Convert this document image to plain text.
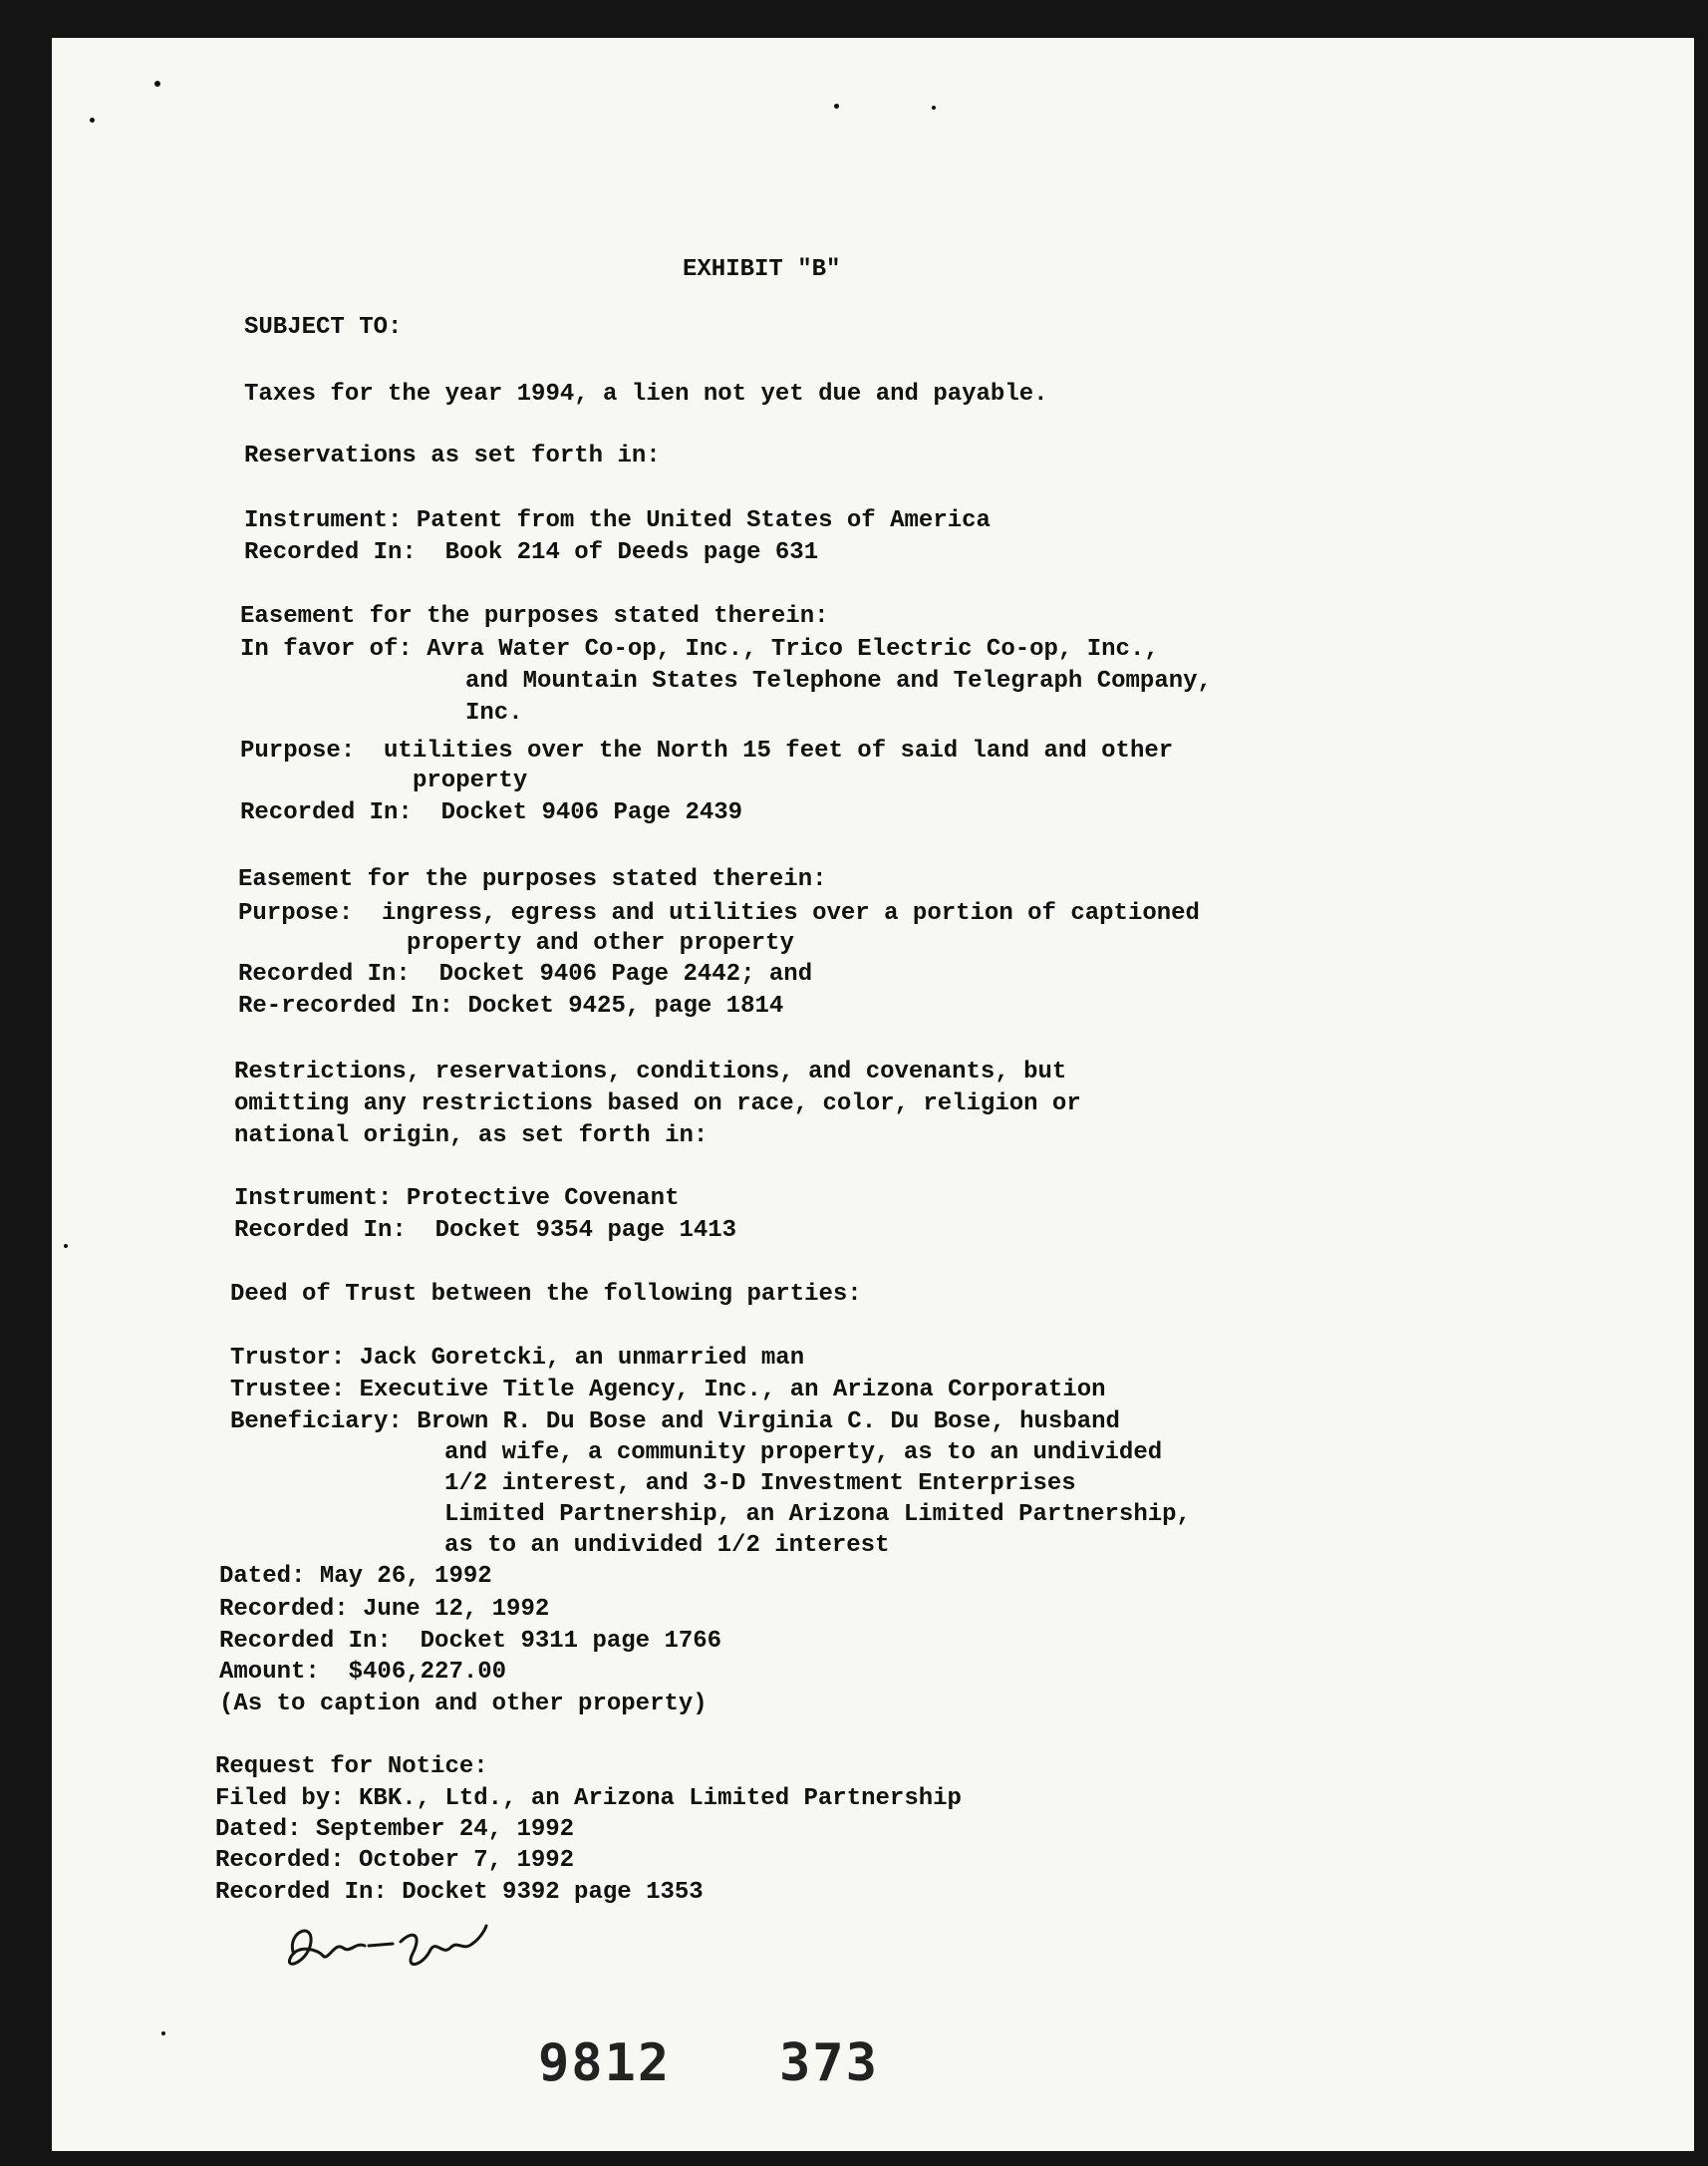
EXHIBIT "B"
SUBJECT TO:
Taxes for the year 1994, a lien not yet due and payable.
Reservations as set forth in:
Instrument: Patent from the United States of America
Recorded In:  Book 214 of Deeds page 631
Easement for the purposes stated therein:
In favor of: Avra Water Co-op, Inc., Trico Electric Co-op, Inc.,
and Mountain States Telephone and Telegraph Company,
Inc.
Purpose:  utilities over the North 15 feet of said land and other
property
Recorded In:  Docket 9406 Page 2439
Easement for the purposes stated therein:
Purpose:  ingress, egress and utilities over a portion of captioned
property and other property
Recorded In:  Docket 9406 Page 2442; and
Re-recorded In: Docket 9425, page 1814
Restrictions, reservations, conditions, and covenants, but
omitting any restrictions based on race, color, religion or
national origin, as set forth in:
Instrument: Protective Covenant
Recorded In:  Docket 9354 page 1413
Deed of Trust between the following parties:
Trustor: Jack Goretcki, an unmarried man
Trustee: Executive Title Agency, Inc., an Arizona Corporation
Beneficiary: Brown R. Du Bose and Virginia C. Du Bose, husband
and wife, a community property, as to an undivided
1/2 interest, and 3-D Investment Enterprises
Limited Partnership, an Arizona Limited Partnership,
as to an undivided 1/2 interest
Dated: May 26, 1992
Recorded: June 12, 1992
Recorded In:  Docket 9311 page 1766
Amount:  $406,227.00
(As to caption and other property)
Request for Notice:
Filed by: KBK., Ltd., an Arizona Limited Partnership
Dated: September 24, 1992
Recorded: October 7, 1992
Recorded In: Docket 9392 page 1353
9812 373
